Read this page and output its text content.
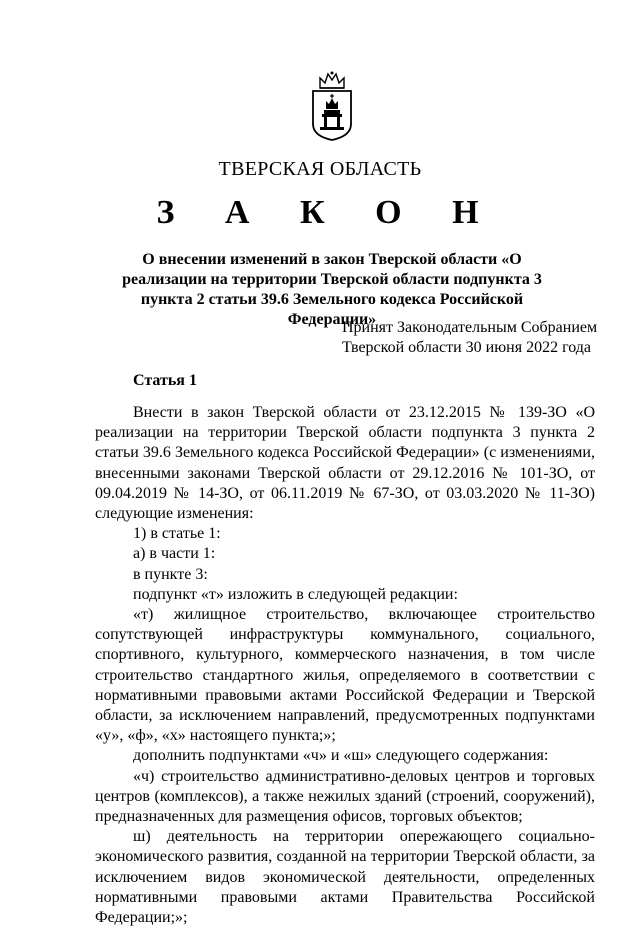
ТВЕРСКАЯ ОБЛАСТЬ
З А К О Н
О внесении изменений в закон Тверской области «О реализации на территории Тверской области подпункта 3 пункта 2 статьи 39.6 Земельного кодекса Российской Федерации»
Принят Законодательным Собранием
Тверской области 30 июня 2022 года
Статья 1

Внести в закон Тверской области от 23.12.2015 № 139-ЗО «О реализации на территории Тверской области подпункта 3 пункта 2 статьи 39.6 Земельного кодекса Российской Федерации» (с изменениями, внесенными законами Тверской области от 29.12.2016 № 101-ЗО, от 09.04.2019 № 14-ЗО, от 06.11.2019 № 67-ЗО, от 03.03.2020 № 11-ЗО) следующие изменения:

1) в статье 1:

а) в части 1:

в пункте 3:

подпункт «т» изложить в следующей редакции:

«т) жилищное строительство, включающее строительство сопутствующей инфраструктуры коммунального, социального, спортивного, культурного, коммерческого назначения, в том числе строительство стандартного жилья, определяемого в соответствии с нормативными правовыми актами Российской Федерации и Тверской области, за исключением направлений, предусмотренных подпунктами «у», «ф», «х» настоящего пункта;»;

дополнить подпунктами «ч» и «ш» следующего содержания:

«ч) строительство административно-деловых центров и торговых центров (комплексов), а также нежилых зданий (строений, сооружений), предназначенных для размещения офисов, торговых объектов;

ш) деятельность на территории опережающего социально-экономического развития, созданной на территории Тверской области, за исключением видов экономической деятельности, определенных нормативными правовыми актами Правительства Российской Федерации;»;
